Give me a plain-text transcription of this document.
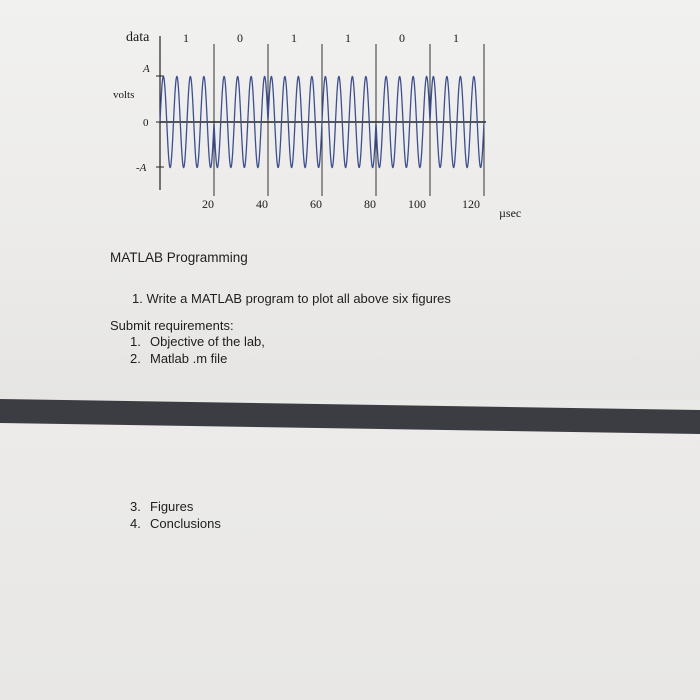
1	0	1	1	0	1
A
0
-A
20	40	60	80	100	120
data
volts
µsec
MATLAB Programming
1. Write a MATLAB program to plot all above six figures
Submit requirements:
1. Objective of the lab,
2. Matlab .m file
3. Figures
4. Conclusions
